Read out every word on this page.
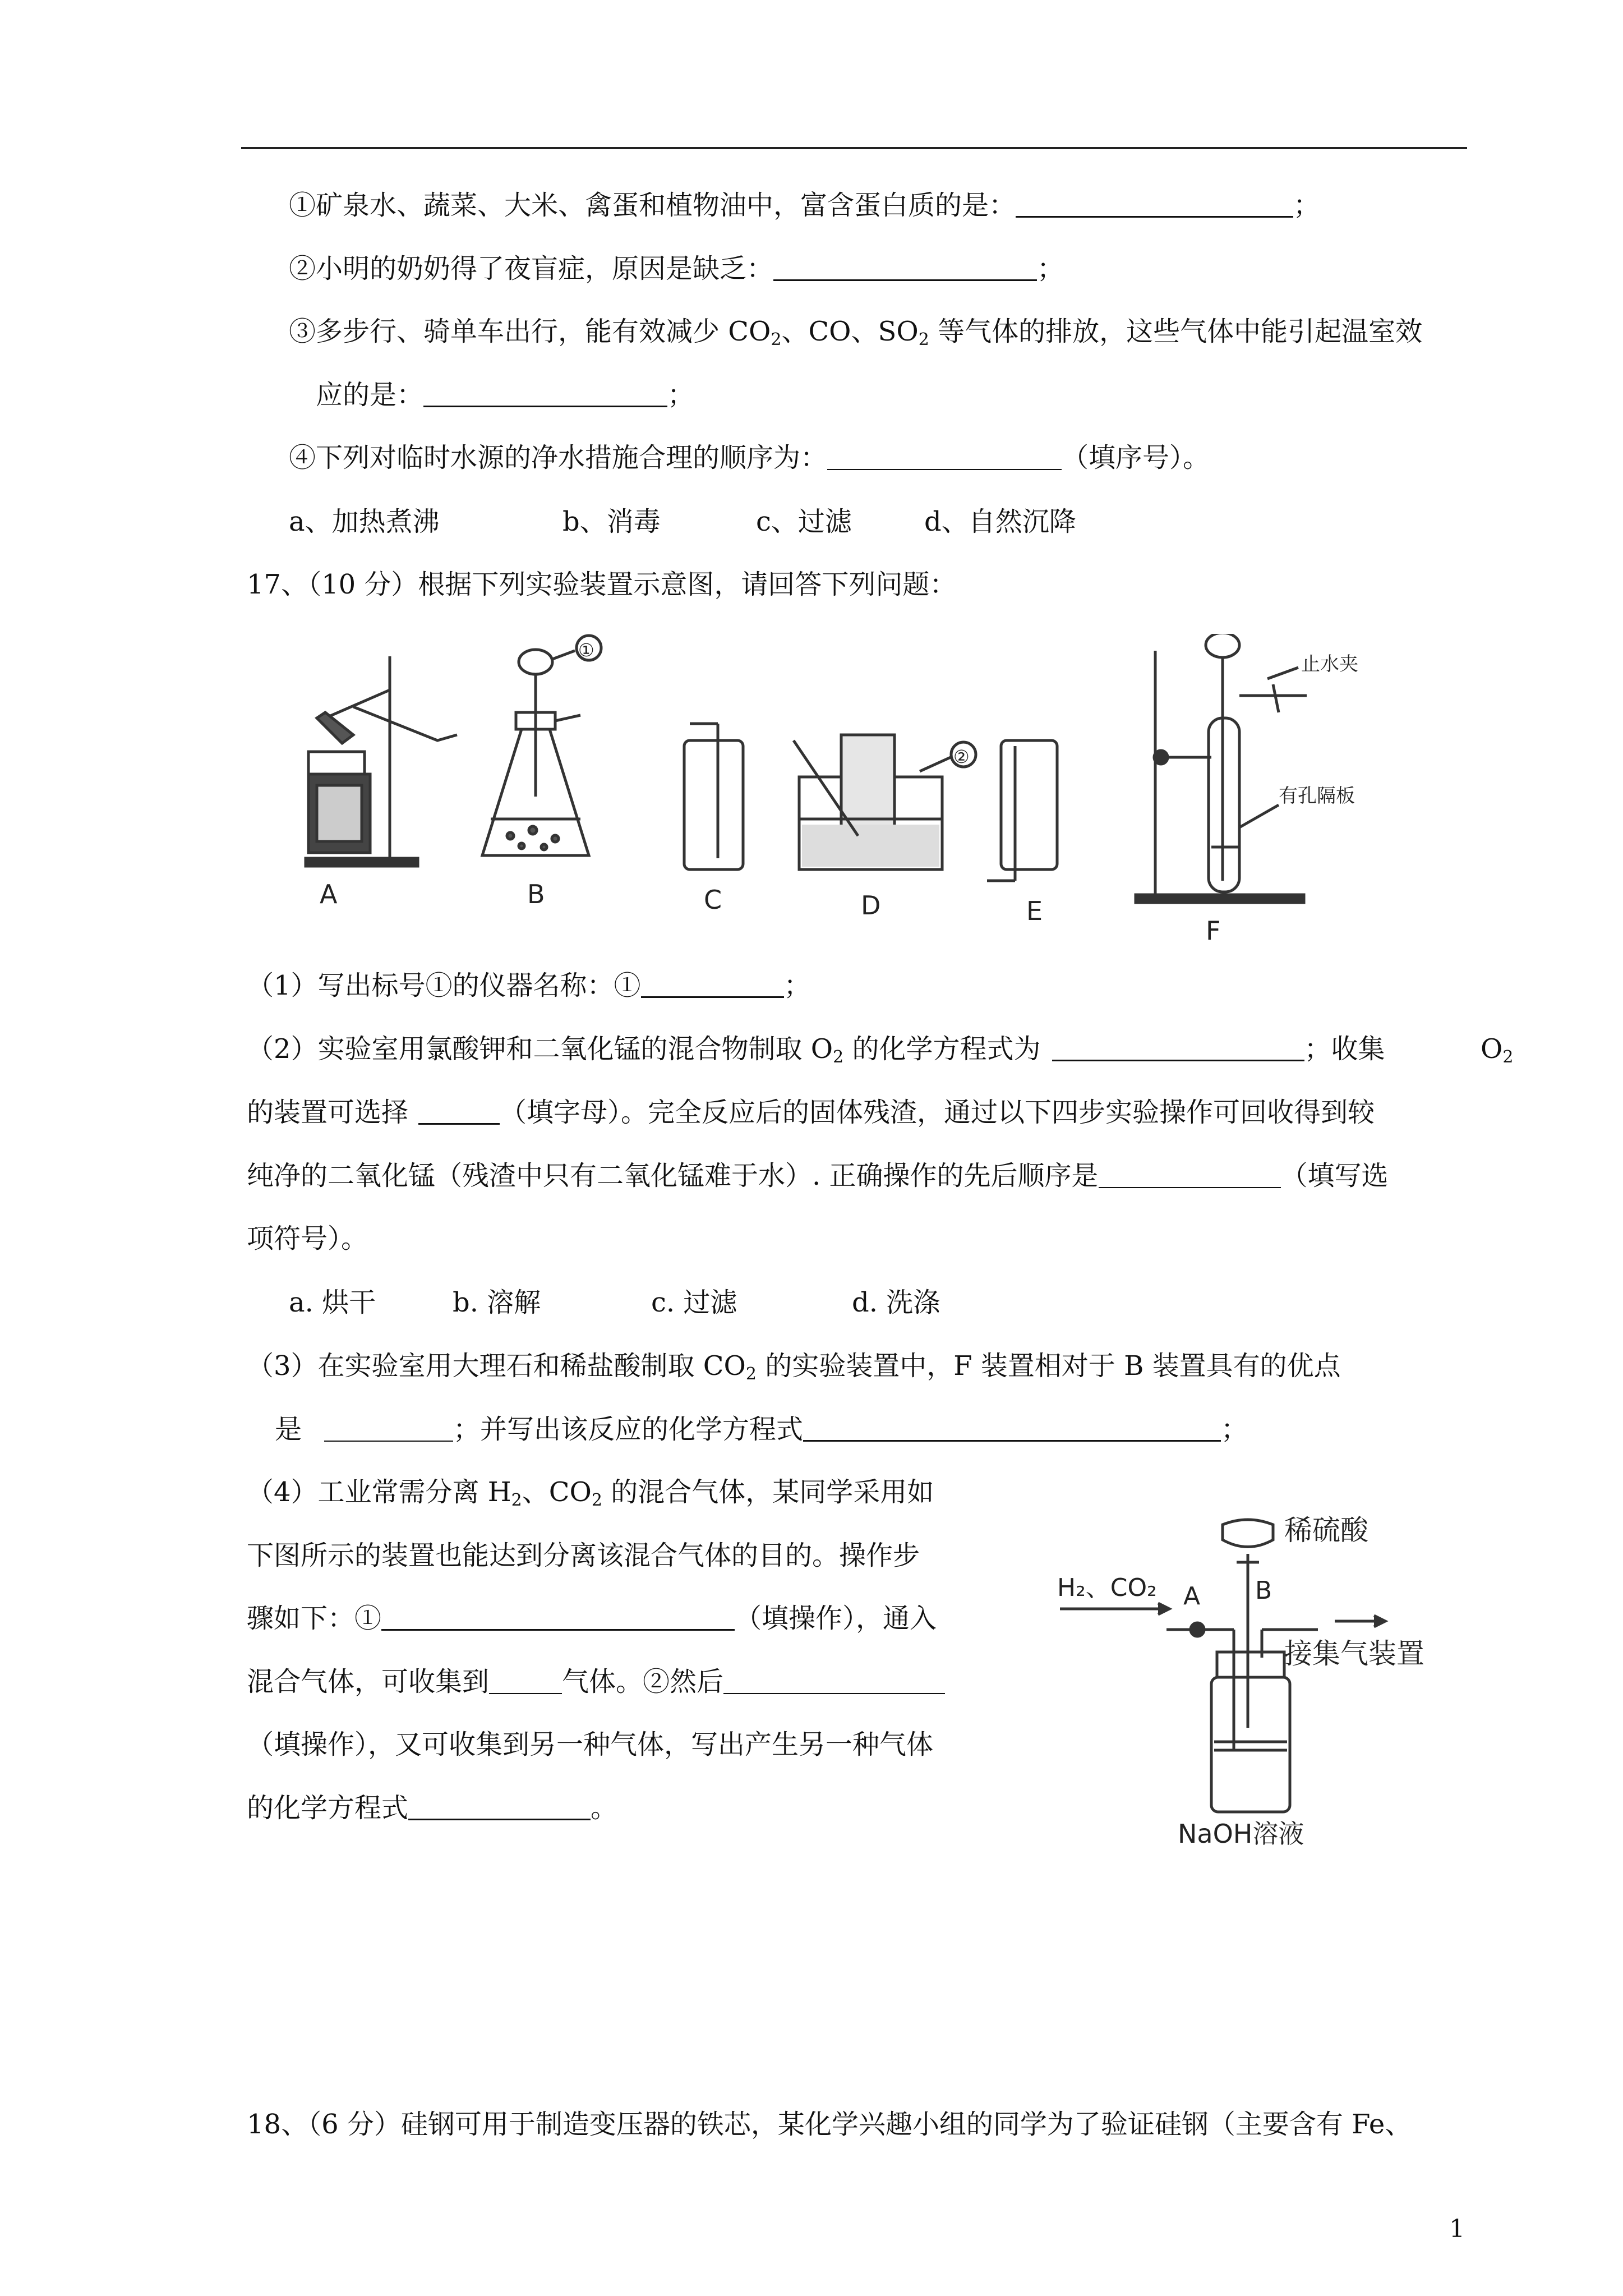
①矿泉水、蔬菜、大米、禽蛋和植物油中，富含蛋白质的是：	；
②小明的奶奶得了夜盲症，原因是缺乏：	；
③多步行、骑单车出行，能有效减少 $CO_2$、CO、$SO_2$ 等气体的排放，这些气体中能引起温室效
应的是：	；
④下列对临时水源的净水措施合理的顺序为：	（填序号）。
a、加热煮沸	b、消毒	c、过滤	d、自然沉降
17、（10 分）根据下列实验装置示意图，请回答下列问题：
A
①
B	C
②
D	E
止水夹
有孔隔板
F
（1）写出标号①的仪器名称：①	；
（2）实验室用氯酸钾和二氧化锰的混合物制取 $O_2$ 的化学方程式为	；收集	$O_2$
的装置可选择	（填字母）。完全反应后的固体残渣，通过以下四步实验操作可回收得到较
纯净的二氧化锰（残渣中只有二氧化锰难于水）. 正确操作的先后顺序是	（填写选
项符号）。
a. 烘干	b. 溶解	c. 过滤	d. 洗涤
（3）在实验室用大理石和稀盐酸制取 $CO_2$ 的实验装置中，F 装置相对于 B 装置具有的优点
是	；并写出该反应的化学方程式	；
（4）工业常需分离 $H_2$、$CO_2$ 的混合气体，某同学采用如
下图所示的装置也能达到分离该混合气体的目的。操作步
骤如下：①	（填操作），通入
混合气体，可收集到	气体。②然后
（填操作），又可收集到另一种气体，写出产生另一种气体
的化学方程式	。
稀硫酸
H₂、CO₂ A B
接集气装置
NaOH溶液
18、（6 分）硅钢可用于制造变压器的铁芯，某化学兴趣小组的同学为了验证硅钢（主要含有 Fe、
1
